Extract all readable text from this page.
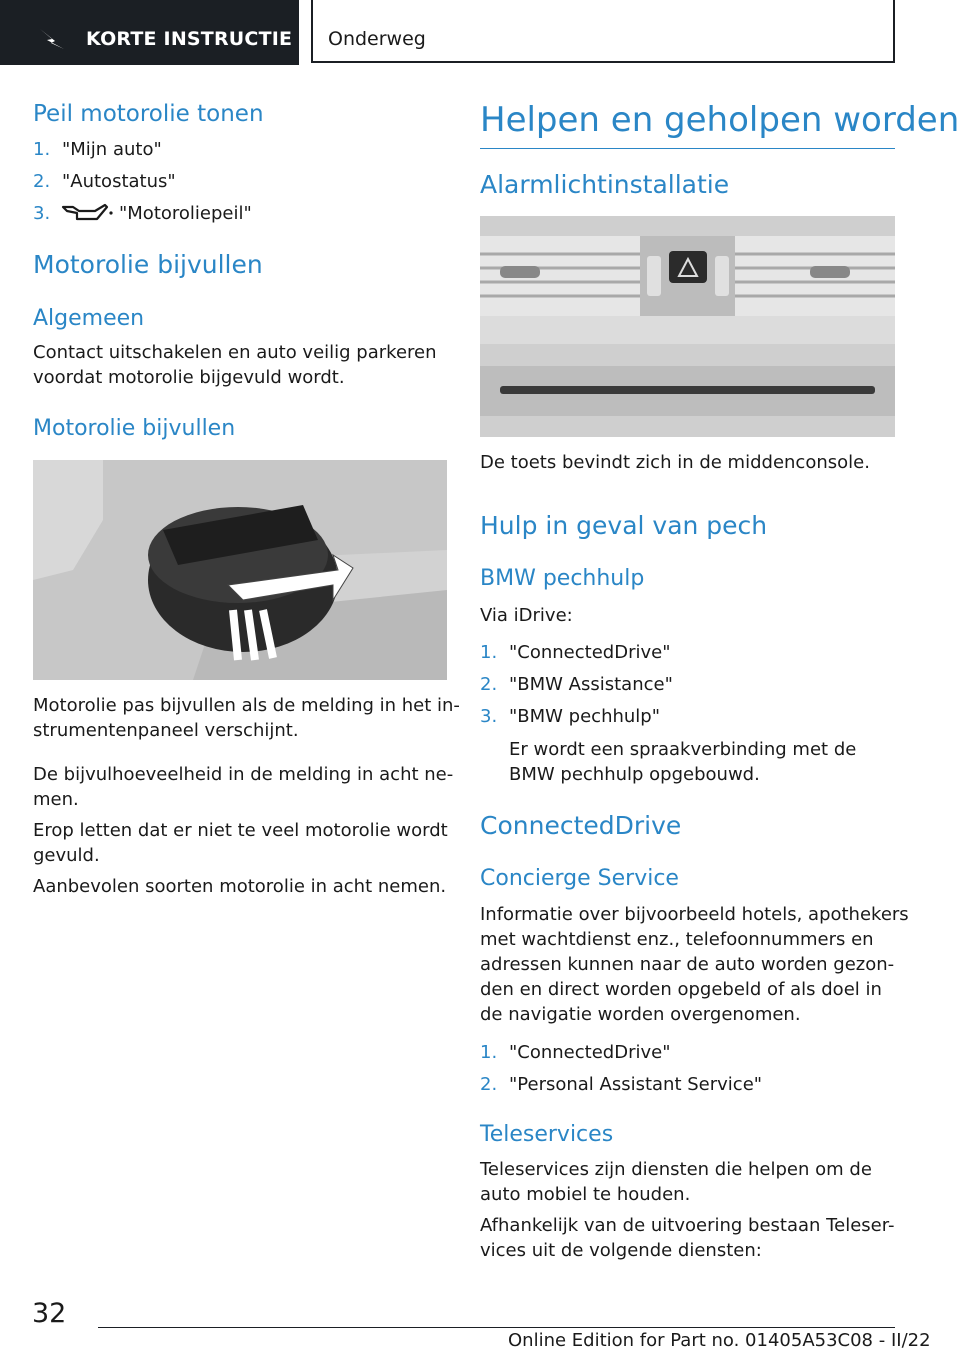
KORTE INSTRUCTIE Onderweg
Peil motorolie tonen
1. "Mijn auto"
2. "Autostatus"
3.	"Motoroliepeil"
Motorolie bijvullen
Algemeen
Contact uitschakelen en auto veilig parkeren
voordat motorolie bijgevuld wordt.
Motorolie bijvullen
Motorolie pas bijvullen als de melding in het in-
strumentenpaneel verschijnt.
De bijvulhoeveelheid in de melding in acht ne-
men.
Erop letten dat er niet te veel motorolie wordt
gevuld.
Aanbevolen soorten motorolie in acht nemen.
Helpen en geholpen worden
Alarmlichtinstallatie
De toets bevindt zich in de middenconsole.
Hulp in geval van pech
BMW pechhulp
Via iDrive:
1. "ConnectedDrive"
2. "BMW Assistance"
3. "BMW pechhulp"
Er wordt een spraakverbinding met de
BMW pechhulp opgebouwd.
ConnectedDrive
Concierge Service
Informatie over bijvoorbeeld hotels, apothekers
met wachtdienst enz., telefoonnummers en
adressen kunnen naar de auto worden gezon-
den en direct worden opgebeld of als doel in
de navigatie worden overgenomen.
1. "ConnectedDrive"
2. "Personal Assistant Service"
Teleservices
Teleservices zijn diensten die helpen om de
auto mobiel te houden.
Afhankelijk van de uitvoering bestaan Teleser-
vices uit de volgende diensten:
32
Online Edition for Part no. 01405A53C08 - II/22
